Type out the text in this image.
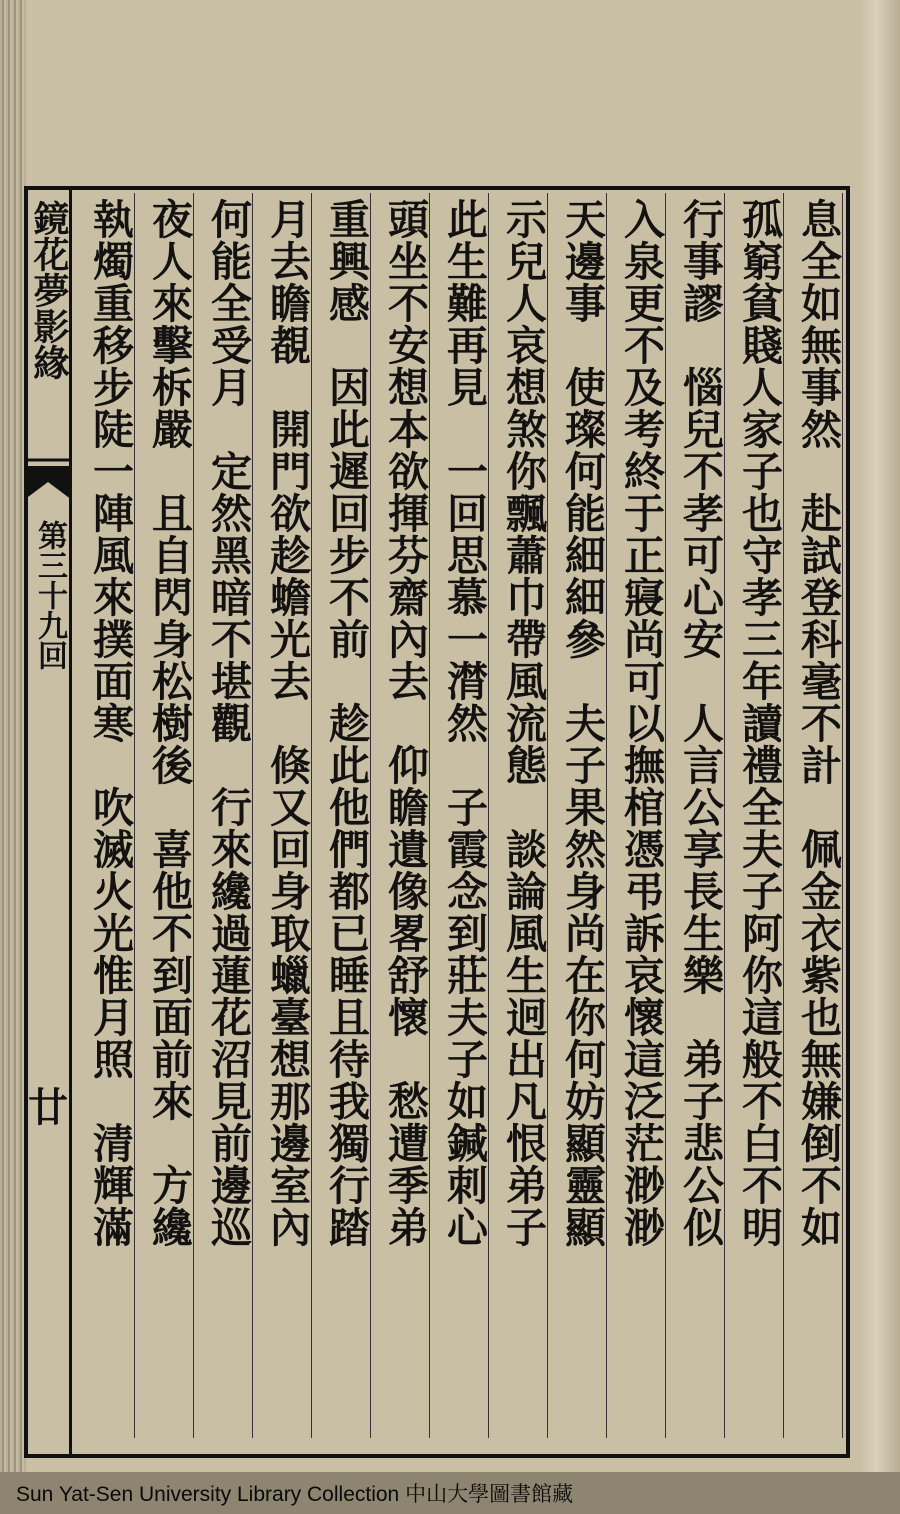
鏡花夢影緣
第三十九回
廿	息全如無事然　赴試登科毫不計　佩金衣紫也無嫌倒不如
孤窮貧賤人家子也守孝三年讀禮全夫子阿你這般不白不明
行事謬　惱兒不孝可心安　人言公享長生樂　弟子悲公似
入泉更不及考終于正寢尚可以撫棺憑弔訴哀懷這泛茫渺渺
天邊事　使璨何能細細參　夫子果然身尚在你何妨顯靈顯
示兒人哀想煞你飄蕭巾帶風流態　談論風生迥出凡恨弟子
此生難再見　一回思慕一潸然　子霞念到莊夫子如鍼刺心
頭坐不安想本欲揮芬齋內去　仰瞻遺像畧舒懷　愁遭季弟
重興感　因此遲回步不前　趁此他們都已睡且待我獨行踏
月去瞻覩　開門欲趁蟾光去　倏又回身取蠟臺想那邊室內
何能全受月　定然黑暗不堪觀　行來纔過蓮花沼見前邊巡
夜人來擊柝嚴　且自閃身松樹後　喜他不到面前來　方纔
執燭重移步陡一陣風來撲面寒　吹滅火光惟月照　清輝滿
Sun Yat-Sen University Library Collection 中山大學圖書館藏
